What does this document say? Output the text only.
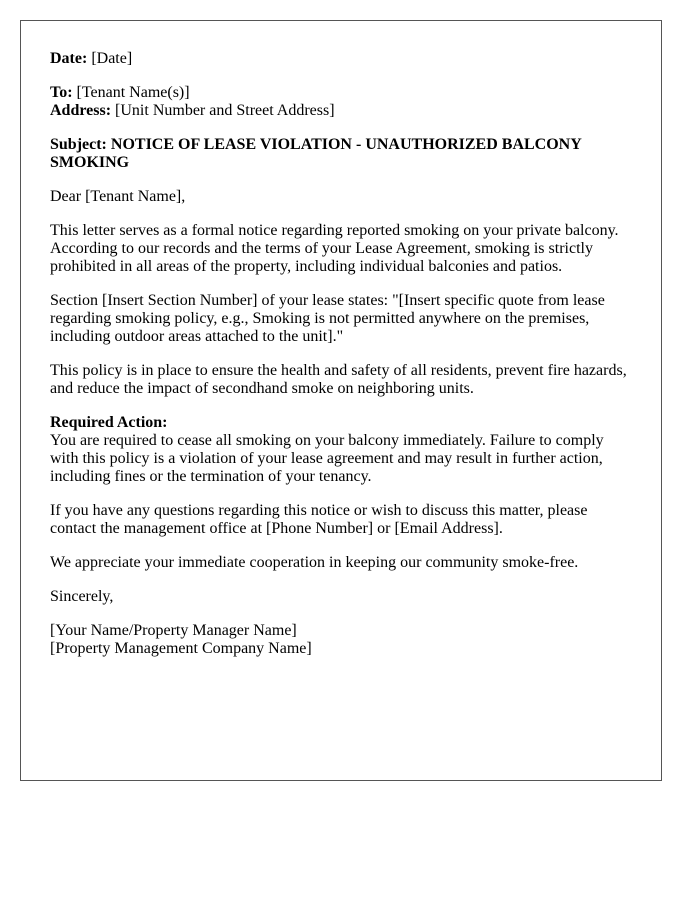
Date: [Date]

To: [Tenant Name(s)]
Address: [Unit Number and Street Address]

Subject: NOTICE OF LEASE VIOLATION - UNAUTHORIZED BALCONY SMOKING

Dear [Tenant Name],

This letter serves as a formal notice regarding reported smoking on your private balcony. According to our records and the terms of your Lease Agreement, smoking is strictly prohibited in all areas of the property, including individual balconies and patios.

Section [Insert Section Number] of your lease states: "[Insert specific quote from lease regarding smoking policy, e.g., Smoking is not permitted anywhere on the premises, including outdoor areas attached to the unit]."

This policy is in place to ensure the health and safety of all residents, prevent fire hazards, and reduce the impact of secondhand smoke on neighboring units.

Required Action:
You are required to cease all smoking on your balcony immediately. Failure to comply with this policy is a violation of your lease agreement and may result in further action, including fines or the termination of your tenancy.

If you have any questions regarding this notice or wish to discuss this matter, please contact the management office at [Phone Number] or [Email Address].

We appreciate your immediate cooperation in keeping our community smoke-free.

Sincerely,

[Your Name/Property Manager Name]
[Property Management Company Name]
